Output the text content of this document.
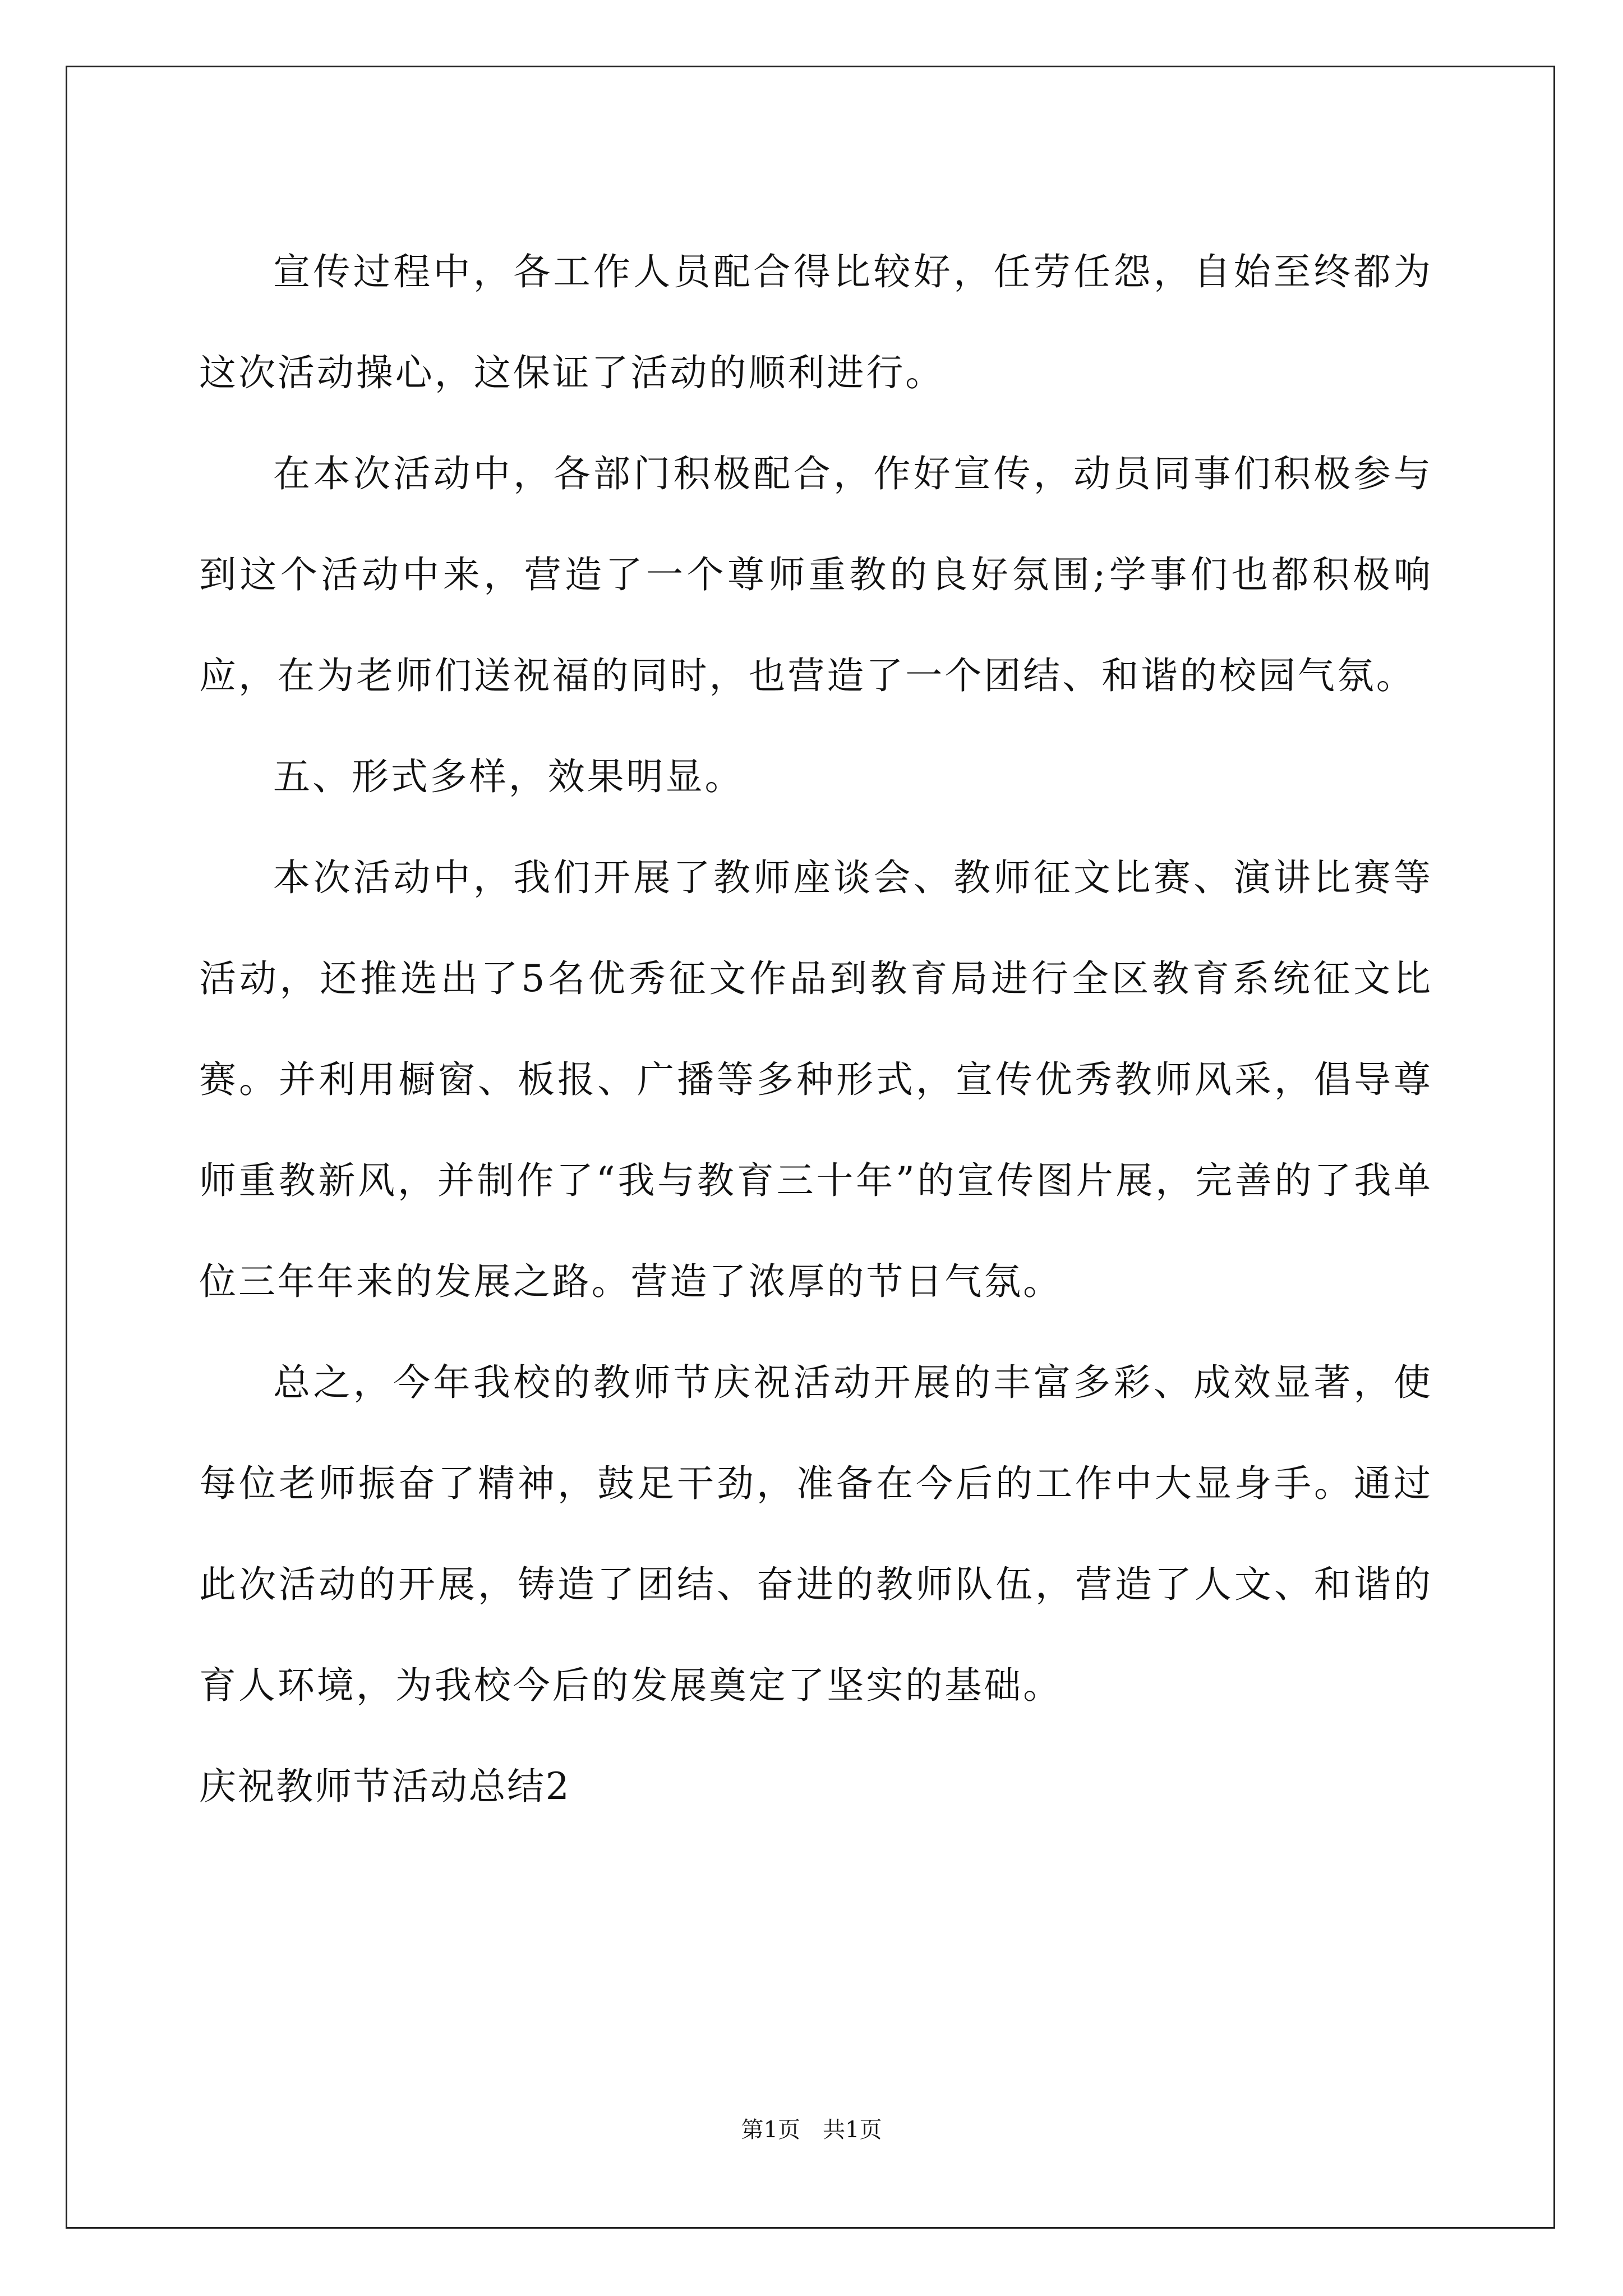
宣传过程中，各工作人员配合得比较好，任劳任怨，自始至终都为这次活动操心，这保证了活动的顺利进行。

在本次活动中，各部门积极配合，作好宣传，动员同事们积极参与到这个活动中来，营造了一个尊师重教的良好氛围;学事们也都积极响应，在为老师们送祝福的同时，也营造了一个团结、和谐的校园气氛。

五、形式多样，效果明显。

本次活动中，我们开展了教师座谈会、教师征文比赛、演讲比赛等活动，还推选出了5名优秀征文作品到教育局进行全区教育系统征文比赛。并利用橱窗、板报、广播等多种形式，宣传优秀教师风采，倡导尊师重教新风，并制作了“我与教育三十年”的宣传图片展，完善的了我单位三年年来的发展之路。营造了浓厚的节日气氛。

总之，今年我校的教师节庆祝活动开展的丰富多彩、成效显著，使每位老师振奋了精神，鼓足干劲，准备在今后的工作中大显身手。通过此次活动的开展，铸造了团结、奋进的教师队伍，营造了人文、和谐的育人环境，为我校今后的发展奠定了坚实的基础。

庆祝教师节活动总结2

第1页　共1页
